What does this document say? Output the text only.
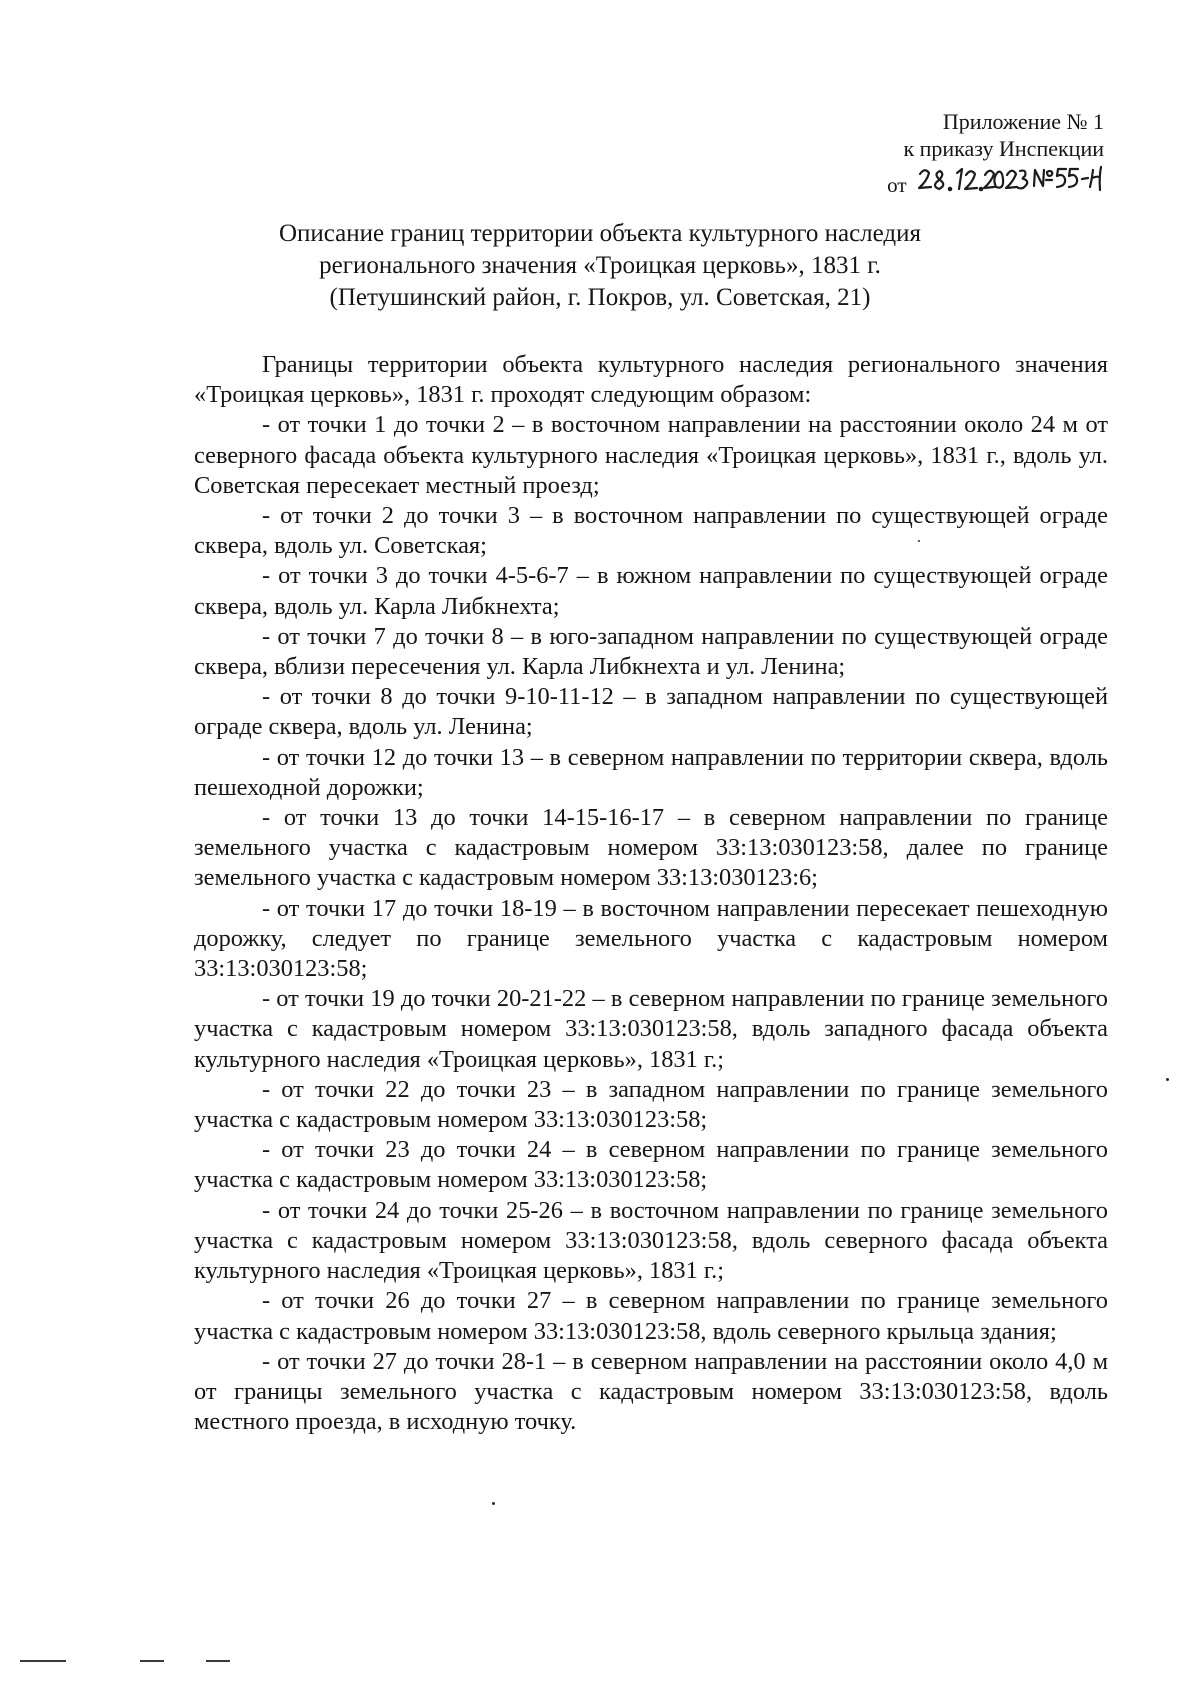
Приложение № 1
к приказу Инспекции
от
Описание границ территории объекта культурного наследия
регионального значения «Троицкая церковь», 1831 г.
(Петушинский район, г. Покров, ул. Советская, 21)

Границы территории объекта культурного наследия регионального значения «Троицкая церковь», 1831 г. проходят следующим образом:

- от точки 1 до точки 2 – в восточном направлении на расстоянии около 24 м от северного фасада объекта культурного наследия «Троицкая церковь», 1831 г., вдоль ул. Советская пересекает местный проезд;

- от точки 2 до точки 3 – в восточном направлении по существующей ограде сквера, вдоль ул. Советская;

- от точки 3 до точки 4-5-6-7 – в южном направлении по существующей ограде сквера, вдоль ул. Карла Либкнехта;

- от точки 7 до точки 8 – в юго-западном направлении по существующей ограде сквера, вблизи пересечения ул. Карла Либкнехта и ул. Ленина;

- от точки 8 до точки 9-10-11-12 – в западном направлении по существующей ограде сквера, вдоль ул. Ленина;

- от точки 12 до точки 13 – в северном направлении по территории сквера, вдоль пешеходной дорожки;

- от точки 13 до точки 14-15-16-17 – в северном направлении по границе земельного участка с кадастровым номером 33:13:030123:58, далее по границе земельного участка с кадастровым номером 33:13:030123:6;

- от точки 17 до точки 18-19 – в восточном направлении пересекает пешеходную дорожку, следует по границе земельного участка с кадастровым номером 33:13:030123:58;

- от точки 19 до точки 20-21-22 – в северном направлении по границе земельного участка с кадастровым номером 33:13:030123:58, вдоль западного фасада объекта культурного наследия «Троицкая церковь», 1831 г.;

- от точки 22 до точки 23 – в западном направлении по границе земельного участка с кадастровым номером 33:13:030123:58;

- от точки 23 до точки 24 – в северном направлении по границе земельного участка с кадастровым номером 33:13:030123:58;

- от точки 24 до точки 25-26 – в восточном направлении по границе земельного участка с кадастровым номером 33:13:030123:58, вдоль северного фасада объекта культурного наследия «Троицкая церковь», 1831 г.;

- от точки 26 до точки 27 – в северном направлении по границе земельного участка с кадастровым номером 33:13:030123:58, вдоль северного крыльца здания;

- от точки 27 до точки 28-1 – в северном направлении на расстоянии около 4,0 м от границы земельного участка с кадастровым номером 33:13:030123:58, вдоль местного проезда, в исходную точку.
